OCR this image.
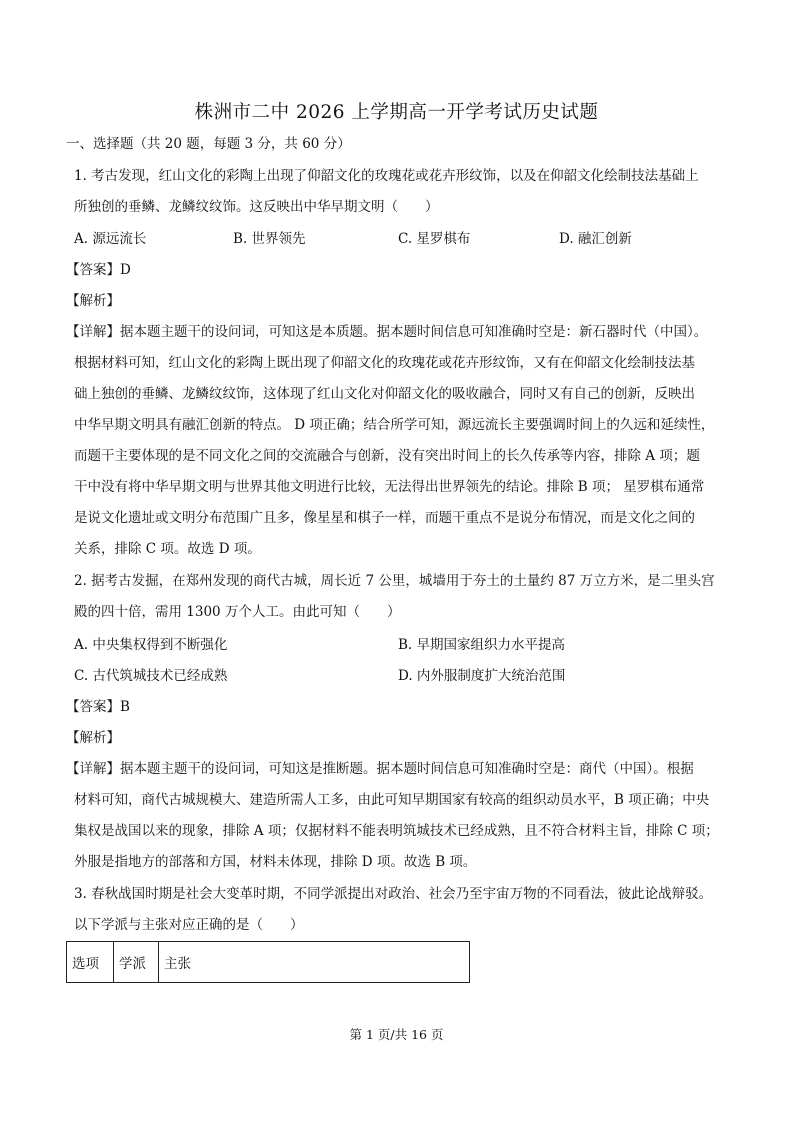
株洲市二中 2026 上学期高一开学考试历史试题
一、选择题（共 20 题，每题 3 分，共 60 分）
1. 考古发现，红山文化的彩陶上出现了仰韶文化的玫瑰花或花卉形纹饰，以及在仰韶文化绘制技法基础上
所独创的垂鳞、龙鳞纹纹饰。这反映出中华早期文明（　　）
A. 源远流长	B. 世界领先	C. 星罗棋布	D. 融汇创新
【答案】D
【解析】
【详解】据本题主题干的设问词，可知这是本质题。据本题时间信息可知准确时空是：新石器时代（中国）。
根据材料可知，红山文化的彩陶上既出现了仰韶文化的玫瑰花或花卉形纹饰，又有在仰韶文化绘制技法基
础上独创的垂鳞、龙鳞纹纹饰，这体现了红山文化对仰韶文化的吸收融合，同时又有自己的创新，反映出
中华早期文明具有融汇创新的特点。 D 项正确；结合所学可知，源远流长主要强调时间上的久远和延续性，
而题干主要体现的是不同文化之间的交流融合与创新，没有突出时间上的长久传承等内容，排除 A 项；题
干中没有将中华早期文明与世界其他文明进行比较，无法得出世界领先的结论。排除 B 项； 星罗棋布通常
是说文化遗址或文明分布范围广且多，像星星和棋子一样，而题干重点不是说分布情况，而是文化之间的
关系，排除 C 项。故选 D 项。
2. 据考古发掘，在郑州发现的商代古城，周长近 7 公里，城墙用于夯土的土量约 87 万立方米，是二里头宫
殿的四十倍，需用 1300 万个人工。由此可知（　　）
A. 中央集权得到不断强化	B. 早期国家组织力水平提高
C. 古代筑城技术已经成熟	D. 内外服制度扩大统治范围
【答案】B
【解析】
【详解】据本题主题干的设问词，可知这是推断题。据本题时间信息可知准确时空是：商代（中国）。根据
材料可知，商代古城规模大、建造所需人工多，由此可知早期国家有较高的组织动员水平，B 项正确；中央
集权是战国以来的现象，排除 A 项；仅据材料不能表明筑城技术已经成熟，且不符合材料主旨，排除 C 项；
外服是指地方的部落和方国，材料未体现，排除 D 项。故选 B 项。
3. 春秋战国时期是社会大变革时期，不同学派提出对政治、社会乃至宇宙万物的不同看法，彼此论战辩驳。
以下学派与主张对应正确的是（　　）
选项	学派	主张
第 1 页/共 16 页
